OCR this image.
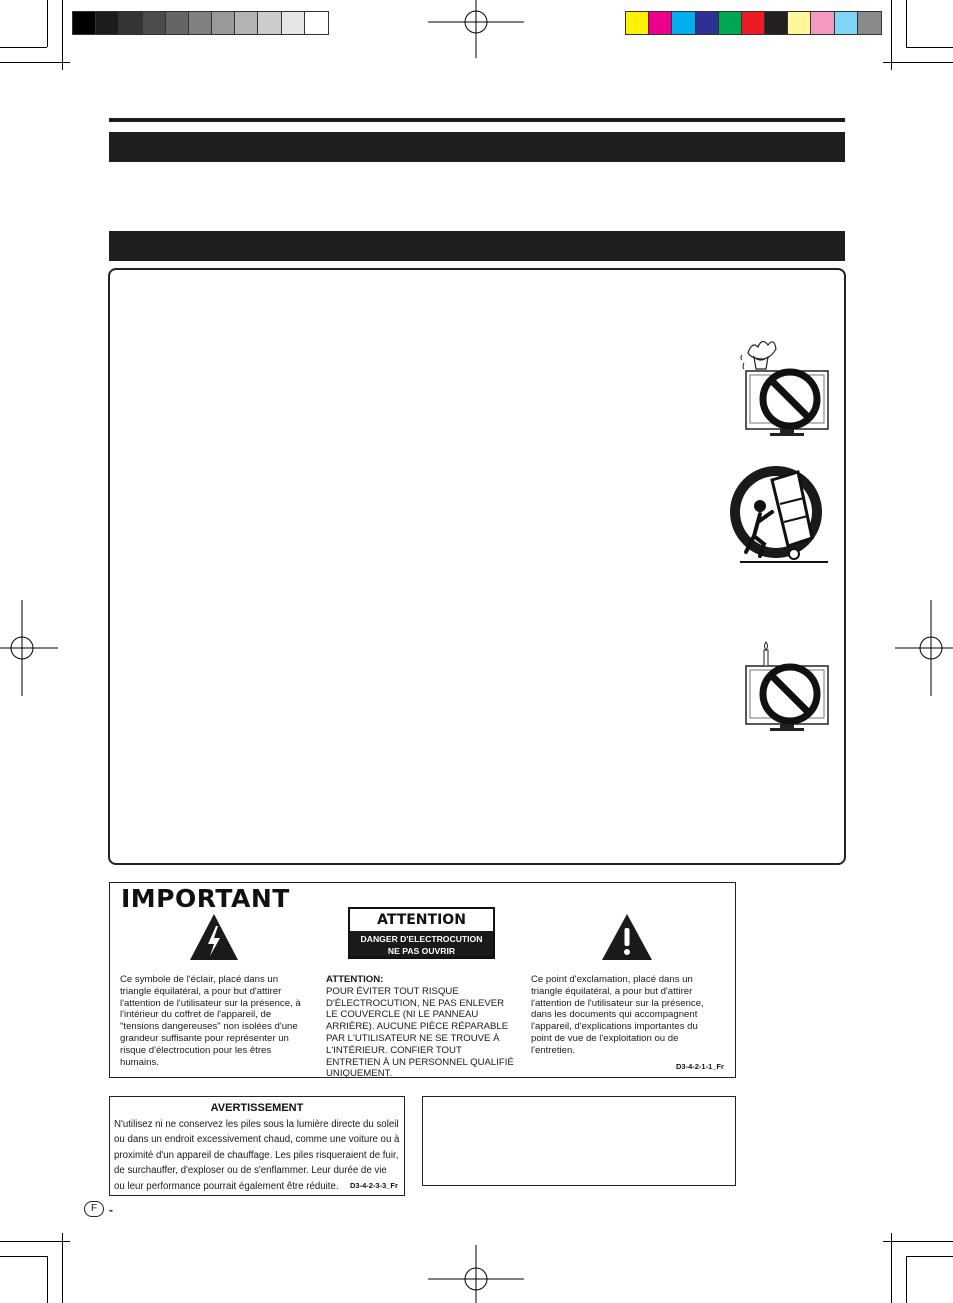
IMPORTANT
Ce symbole de l'éclair, placé dans un triangle équilatéral, a pour but d'attirer l'attention de l'utilisateur sur la présence, à l'intérieur du coffret de l'appareil, de "tensions dangereuses" non isolées d'une grandeur suffisante pour représenter un risque d'électrocution pour les êtres humains.
ATTENTION
DANGER D'ELECTROCUTION
NE PAS OUVRIR
ATTENTION:
POUR ÉVITER TOUT RISQUE D'ÉLECTROCUTION, NE PAS ENLEVER LE COUVERCLE (NI LE PANNEAU ARRIÈRE). AUCUNE PIÈCE RÉPARABLE PAR L'UTILISATEUR NE SE TROUVE À L'INTÉRIEUR. CONFIER TOUT ENTRETIEN À UN PERSONNEL QUALIFIÉ UNIQUEMENT.
Ce point d'exclamation, placé dans un triangle équilatéral, a pour but d'attirer l'attention de l'utilisateur sur la présence, dans les documents qui accompagnent l'appareil, d'explications importantes du point de vue de l'exploitation ou de l'entretien.
D3-4-2-1-1_Fr
AVERTISSEMENT
N'utilisez ni ne conservez les piles sous la lumière directe du soleil ou dans un endroit excessivement chaud, comme une voiture ou à proximité d'un appareil de chauffage. Les piles risqueraient de fuir, de surchauffer, d'exploser ou de s'enflammer. Leur durée de vie ou leur performance pourrait également être réduite.	D3-4-2-3-3_Fr
F -
